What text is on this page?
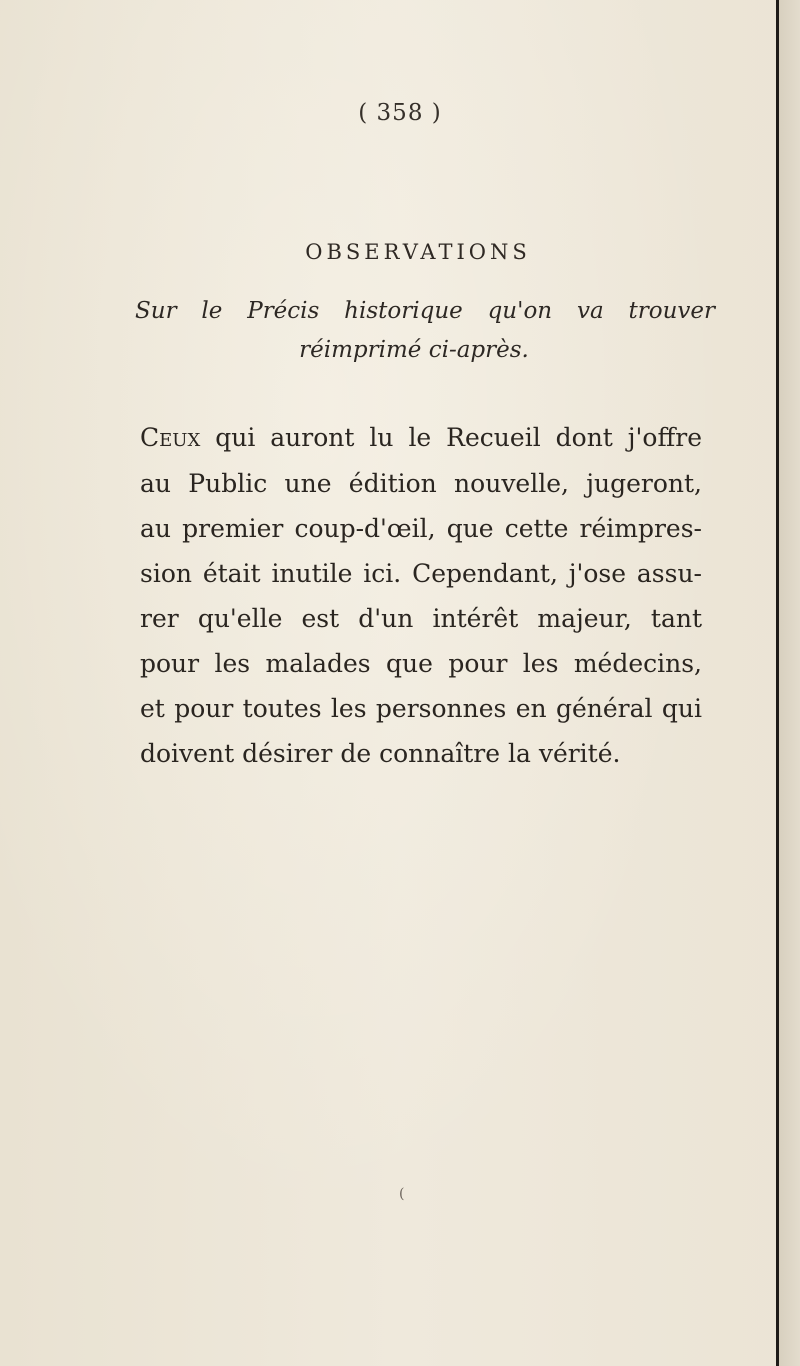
( 358 )
OBSERVATIONS
Sur le Précis historique qu'on va trouver
réimprimé ci-après.
Ceux qui auront lu le Recueil dont j'offre
au Public une édition nouvelle, jugeront,
au premier coup-d'œil, que cette réimpres-
sion était inutile ici. Cependant, j'ose assu-
rer qu'elle est d'un intérêt majeur, tant
pour les malades que pour les médecins,
et pour toutes les personnes en général qui
doivent désirer de connaître la vérité.
(
